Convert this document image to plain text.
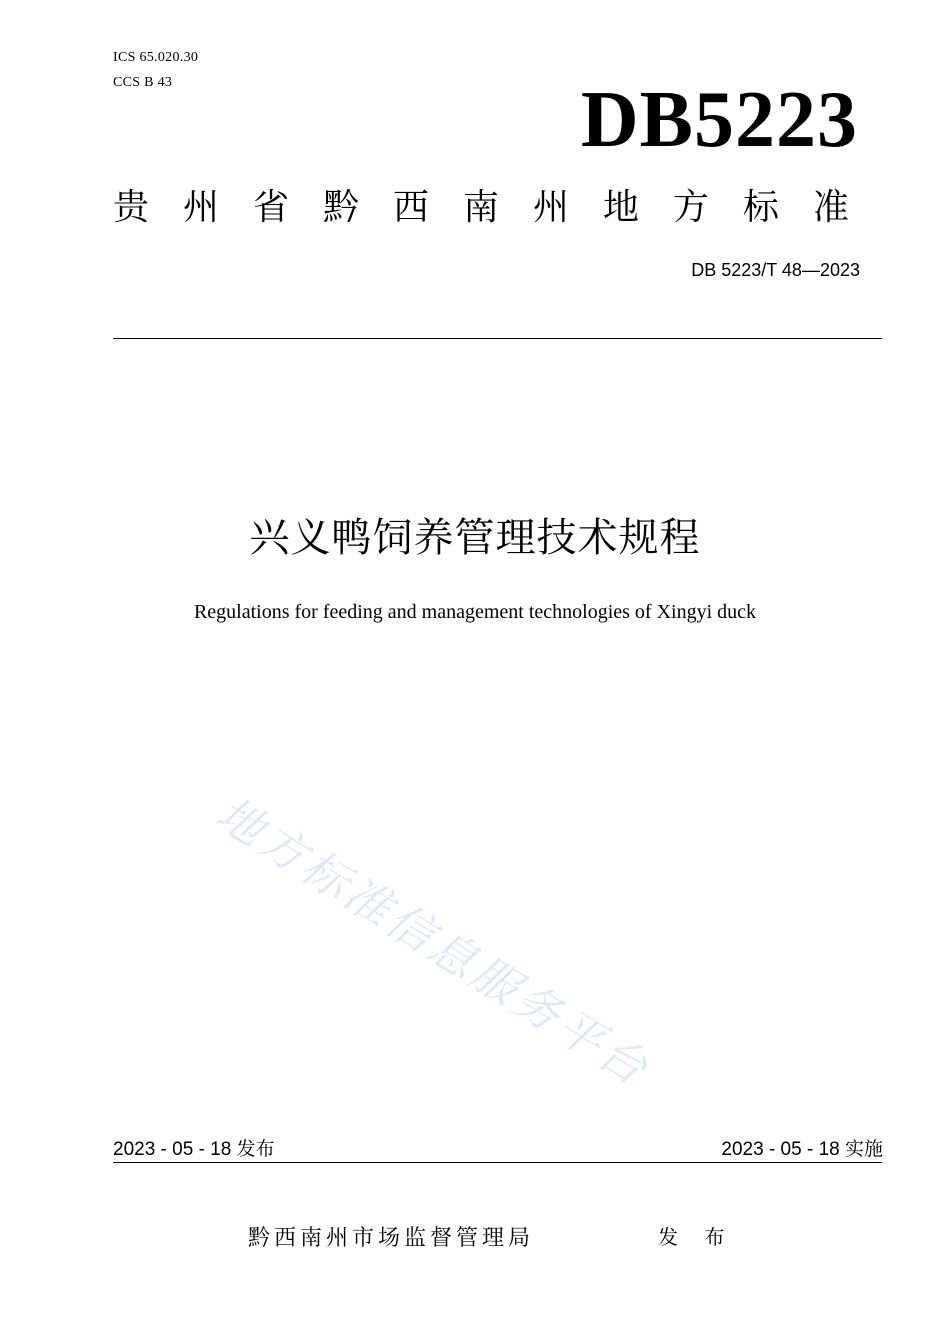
ICS 65.020.30
CCS B 43	DB5223
贵州省黔西南州地方标准
DB 5223/T 48—2023
兴义鸭饲养管理技术规程
Regulations for feeding and management technologies of Xingyi duck
地方标准信息服务平台
2023 - 05 - 18 发布	2023 - 05 - 18 实施
黔西南州市场监督管理局	发 布
